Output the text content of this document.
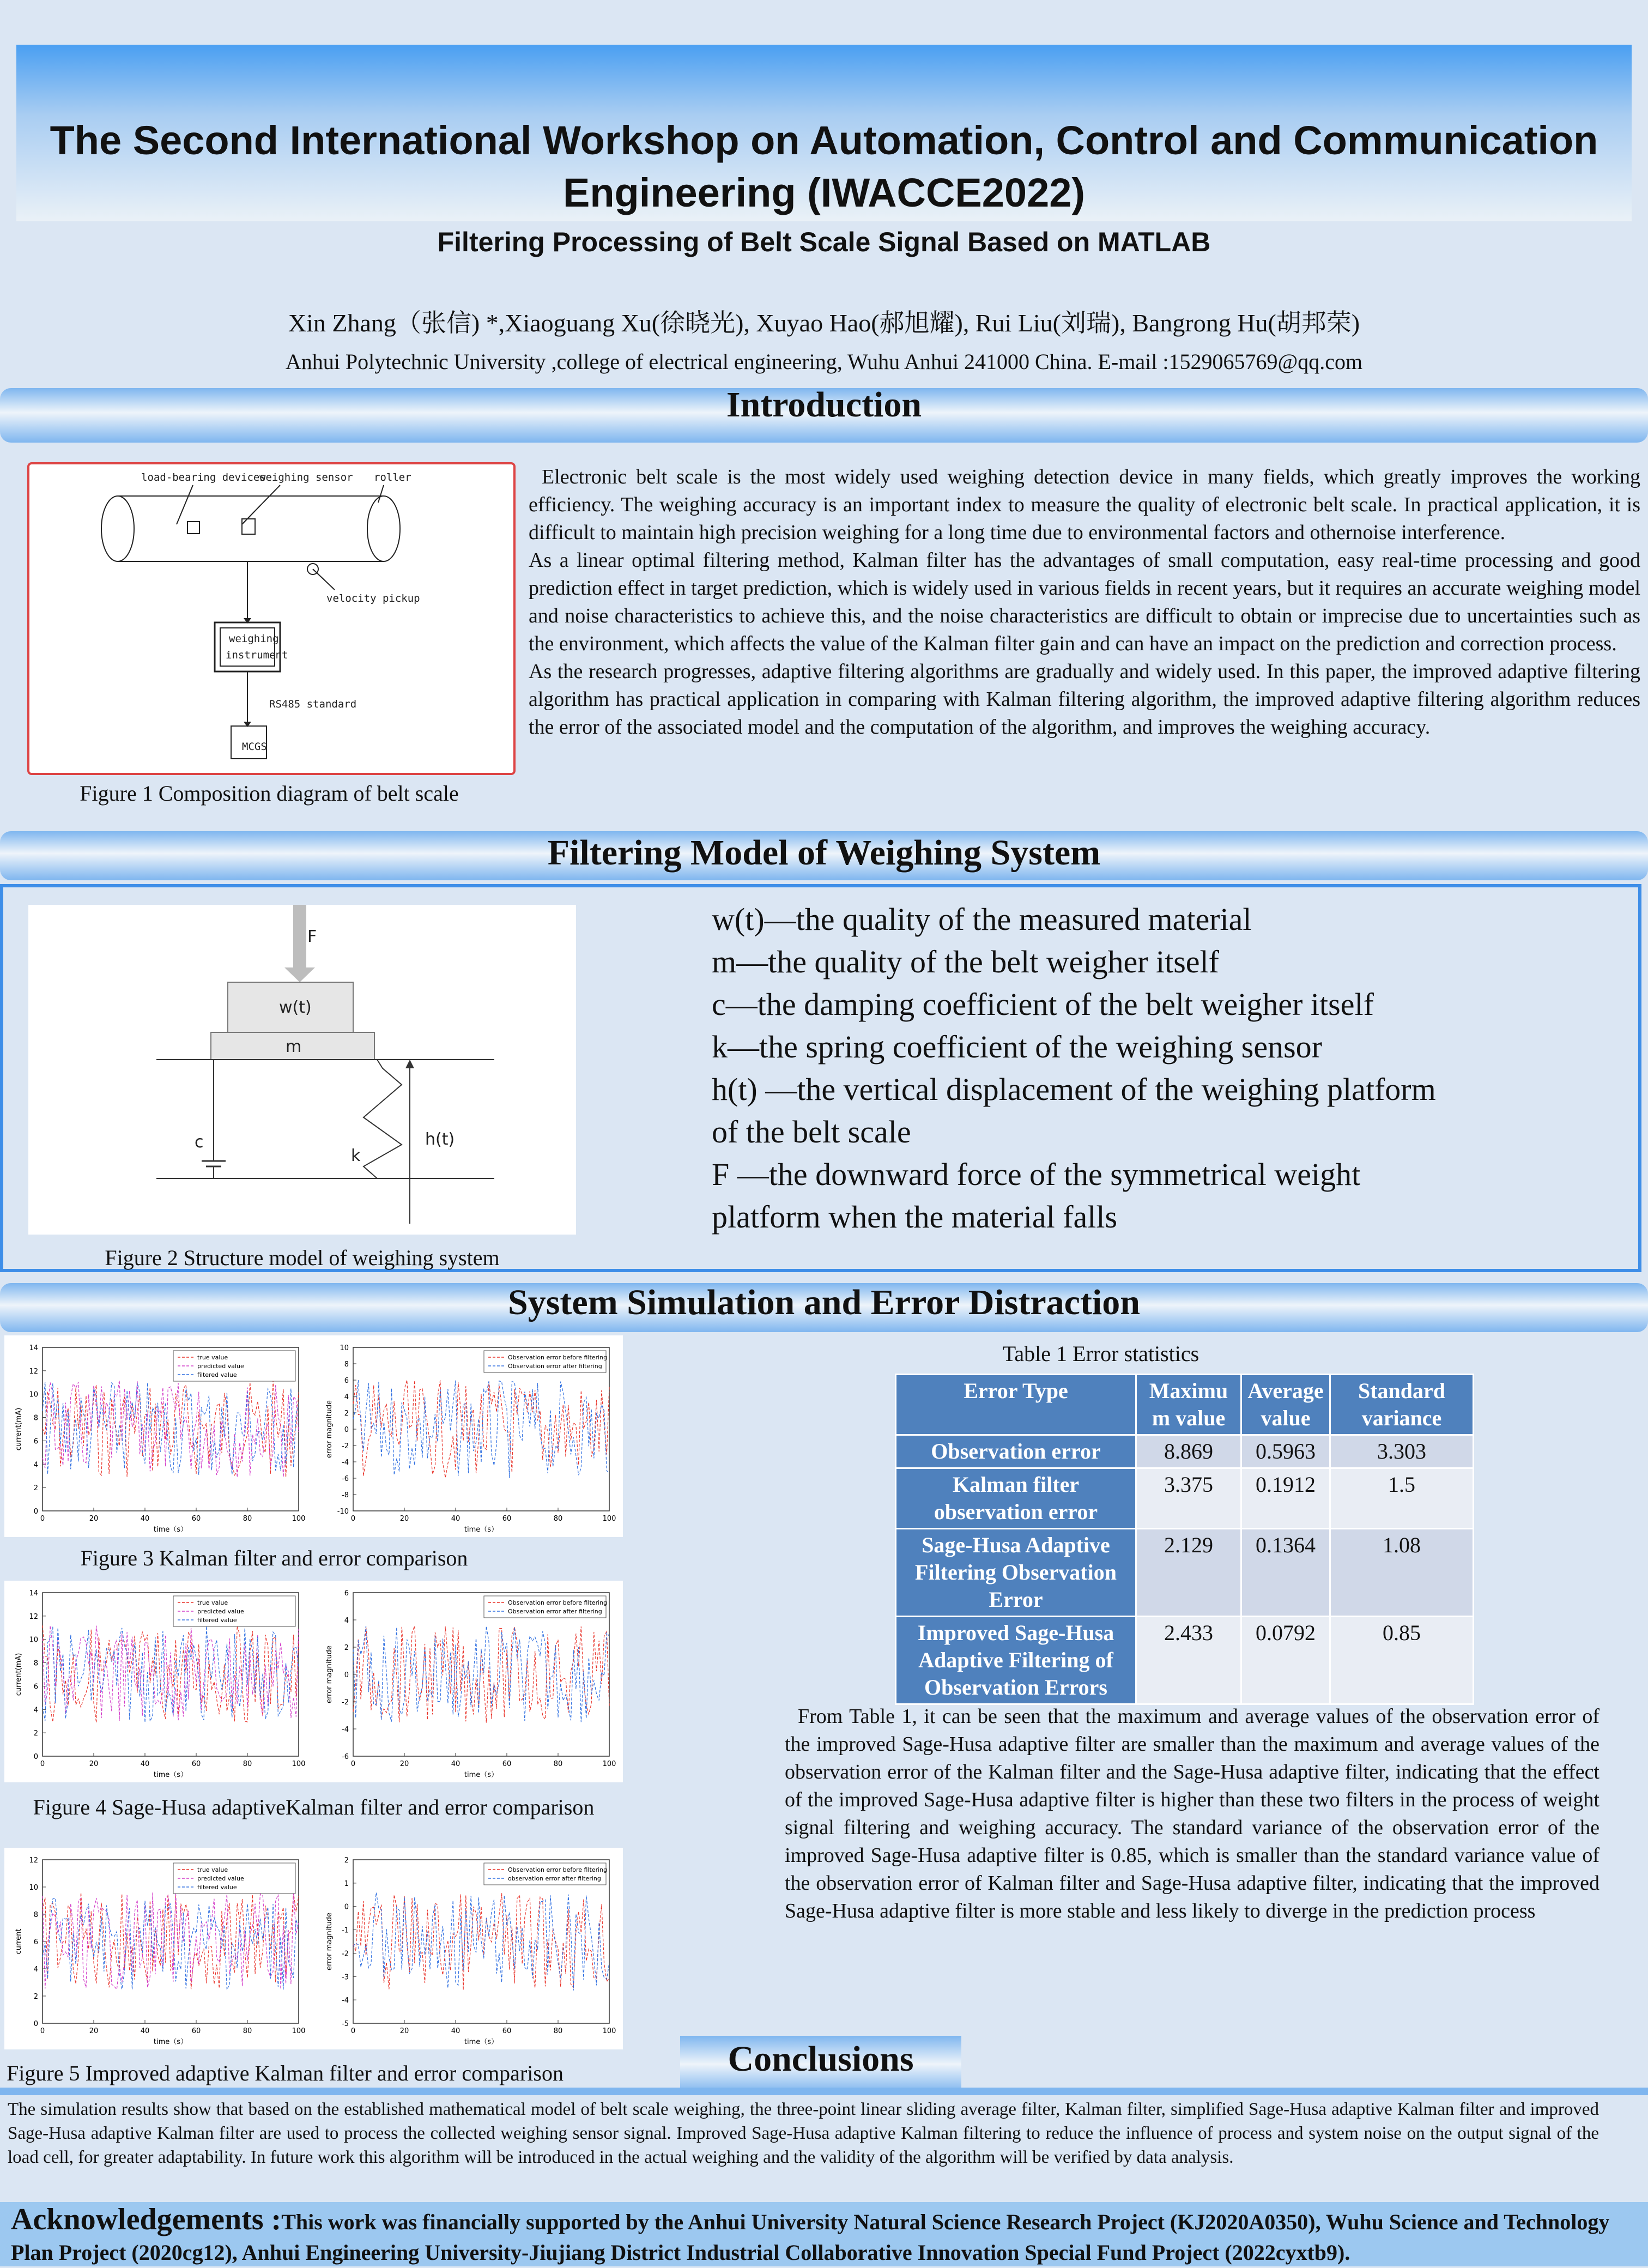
The Second International Workshop on Automation, Control and Communication
Engineering (IWACCE2022)
Filtering Processing of Belt Scale Signal Based on MATLAB
Xin Zhang（张信) *,Xiaoguang Xu(徐晓光), Xuyao Hao(郝旭耀), Rui Liu(刘瑞), Bangrong Hu(胡邦荣)
Anhui Polytechnic University ,college of electrical engineering, Wuhu Anhui 241000 China. E-mail :1529065769@qq.com
Introduction
load-bearing devices
weighing sensor roller
velocity pickup
weighing
instrument
RS485 standard
MCGS
Figure 1 Composition diagram of belt scale

Electronic belt scale is the most widely used weighing detection device in many fields, which greatly improves the working efficiency. The weighing accuracy is an important index to measure the quality of electronic belt scale. In practical application, it is difficult to maintain high precision weighing for a long time due to environmental factors and othernoise interference.

As a linear optimal filtering method, Kalman filter has the advantages of small computation, easy real-time processing and good prediction effect in target prediction, which is widely used in various fields in recent years, but it requires an accurate weighing model and noise characteristics to achieve this, and the noise characteristics are difficult to obtain or imprecise due to uncertainties such as the environment, which affects the value of the Kalman filter gain and can have an impact on the prediction and correction process.

As the research progresses, adaptive filtering algorithms are gradually and widely used. In this paper, the improved adaptive filtering algorithm has practical application in comparing with Kalman filtering algorithm, the improved adaptive filtering algorithm reduces the error of the associated model and the computation of the algorithm, and improves the weighing accuracy.

Filtering Model of Weighing System
F
w(t)
m
c
k
h(t)
Figure 2 Structure model of weighing system
w(t)—the quality of the measured material
m—the quality of the belt weigher itself
c—the damping coefficient of the belt weigher itself
k—the spring coefficient of the weighing sensor
h(t) —the vertical displacement of the weighing platform
of the belt scale
F —the downward force of the symmetrical weight
platform when the material falls
System Simulation and Error Distraction
0
2
4
6
8
10
12
14
0	20	40	60	80	100
time（s）
current(mA)
true value
predicted value
filtered value
-10
-8
-6
-4
-2
0
2
4
6
8
10
0	20	40	60	80	100
time（s）
error magnitude
Observation error before filtering
Observation error after filtering
Figure 3 Kalman filter and error comparison
0
2
4
6
8
10
12
14
0	20	40	60	80	100
time（s）
current(mA)
true value
predicted value
filtered value
-6
-4
-2
0
2
4
6
0	20	40	60	80	100
time（s）
error magnitude
Observation error before filtering
Observation error after filtering
Figure 4 Sage-Husa adaptiveKalman filter and error comparison
0
2
4
6
8
10
12
0	20	40	60	80	100
time（s）
current
true value
predicted value
filtered value
-5
-4
-3
-2
-1
0
1
2
0	20	40	60	80	100
time（s）
error magnitude
Observation error before filtering
observation error after filtering
Figure 5 Improved adaptive Kalman filter and error comparison
Table 1 Error statistics
Error Type	Maximu m value	Average value	Standard variance
Observation error	8.869	0.5963	3.303
Kalman filter observation error	3.375	0.1912	1.5
Sage-Husa Adaptive Filtering Observation Error	2.129	0.1364	1.08
Improved Sage-Husa Adaptive Filtering of Observation Errors	2.433	0.0792	0.85
From Table 1, it can be seen that the maximum and average values of the observation error of the improved Sage-Husa adaptive filter are smaller than the maximum and average values of the observation error of the Kalman filter and the Sage-Husa adaptive filter, indicating that the effect of the improved Sage-Husa adaptive filter is higher than these two filters in the process of weight signal filtering and weighing accuracy. The standard variance of the observation error of the improved Sage-Husa adaptive filter is 0.85, which is smaller than the standard variance value of the observation error of Kalman filter and Sage-Husa adaptive filter, indicating that the improved Sage-Husa adaptive filter is more stable and less likely to diverge in the prediction process
Conclusions
The simulation results show that based on the established mathematical model of belt scale weighing, the three-point linear sliding average filter, Kalman filter, simplified Sage-Husa adaptive Kalman filter and improved Sage-Husa adaptive Kalman filter are used to process the collected weighing sensor signal. Improved Sage-Husa adaptive Kalman filtering to reduce the influence of process and system noise on the output signal of the load cell, for greater adaptability. In future work this algorithm will be introduced in the actual weighing and the validity of the algorithm will be verified by data analysis.
Acknowledgements :This work was financially supported by the Anhui University Natural Science Research Project (KJ2020A0350), Wuhu Science and Technology Plan Project (2020cg12), Anhui Engineering University-Jiujiang District Industrial Collaborative Innovation Special Fund Project (2022cyxtb9).
